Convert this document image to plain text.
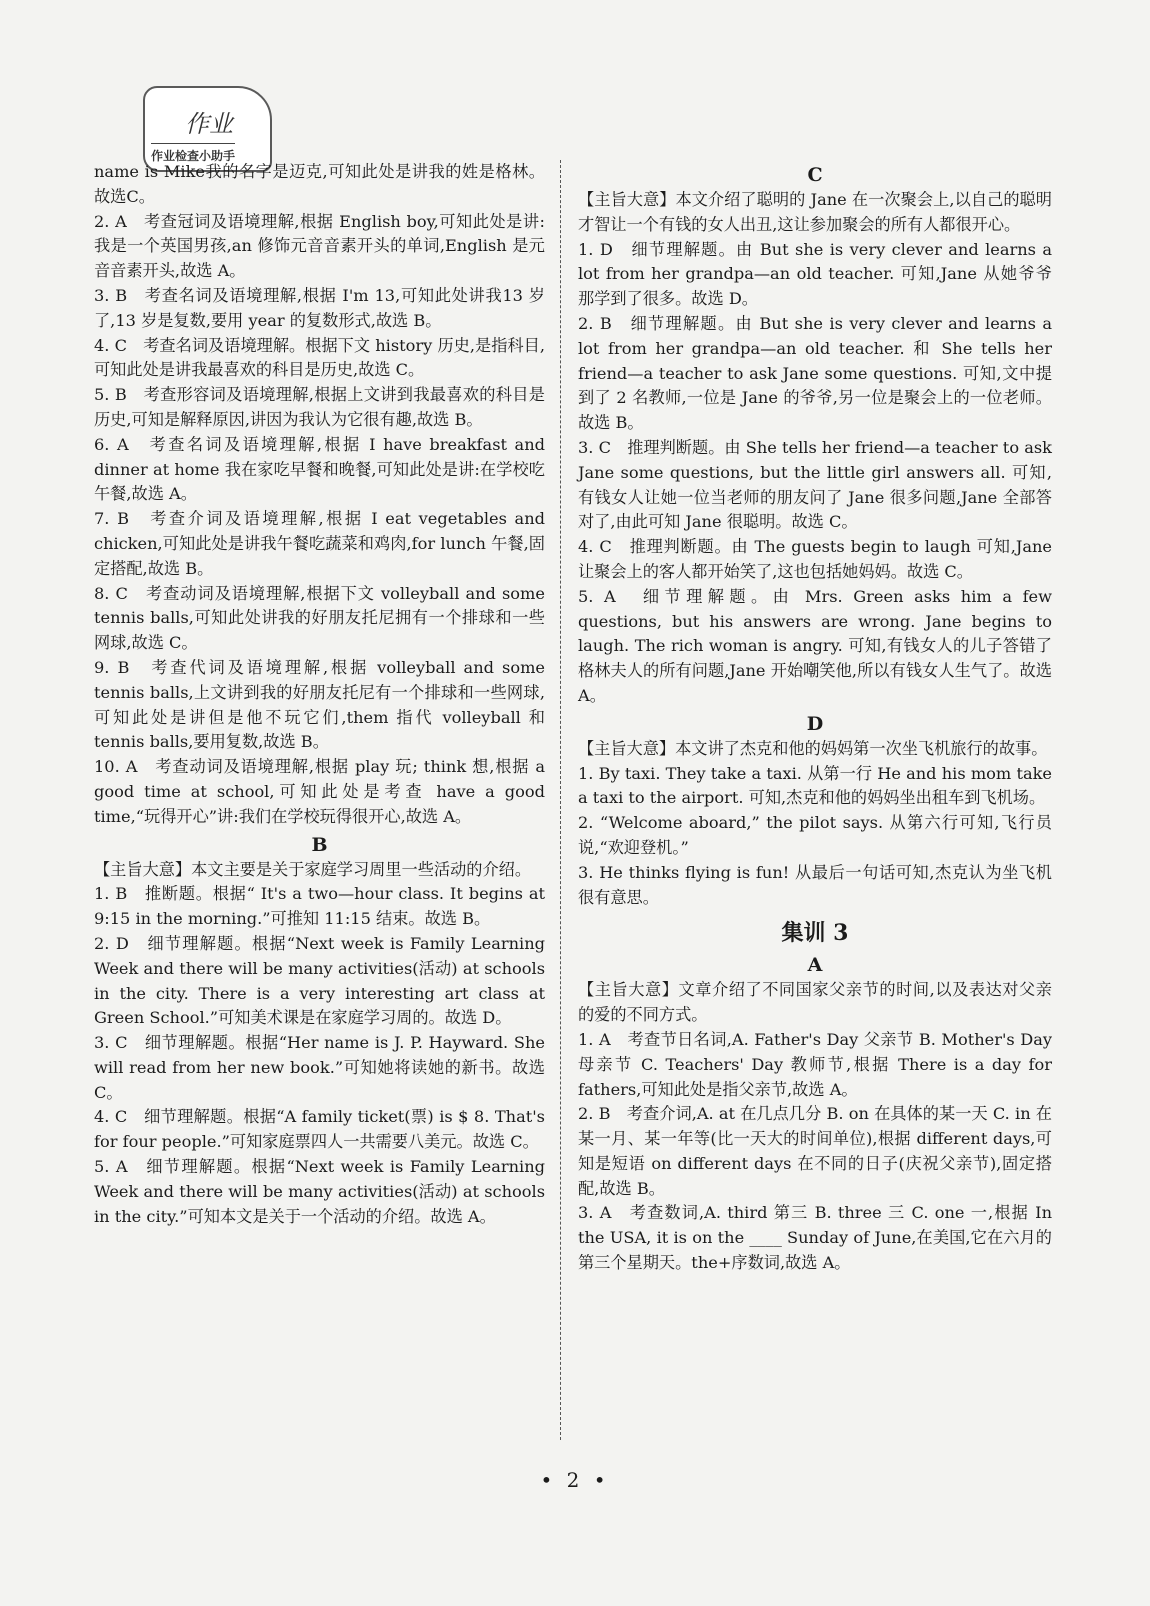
作业
作业检查小助手
name is Mike我的名字是迈克,可知此处是讲我的姓是格林。故选C。
2. A　考查冠词及语境理解,根据 English boy,可知此处是讲:我是一个英国男孩,an 修饰元音音素开头的单词,English 是元音音素开头,故选 A。
3. B　考查名词及语境理解,根据 I'm 13,可知此处讲我13 岁了,13 岁是复数,要用 year 的复数形式,故选 B。
4. C　考查名词及语境理解。根据下文 history 历史,是指科目,可知此处是讲我最喜欢的科目是历史,故选 C。
5. B　考查形容词及语境理解,根据上文讲到我最喜欢的科目是历史,可知是解释原因,讲因为我认为它很有趣,故选 B。
6. A　考查名词及语境理解,根据 I have breakfast and dinner at home 我在家吃早餐和晚餐,可知此处是讲:在学校吃午餐,故选 A。
7. B　考查介词及语境理解,根据 I eat vegetables and chicken,可知此处是讲我午餐吃蔬菜和鸡肉,for lunch 午餐,固定搭配,故选 B。
8. C　考查动词及语境理解,根据下文 volleyball and some tennis balls,可知此处讲我的好朋友托尼拥有一个排球和一些网球,故选 C。
9. B　考查代词及语境理解,根据 volleyball and some tennis balls,上文讲到我的好朋友托尼有一个排球和一些网球,可知此处是讲但是他不玩它们,them 指代 volleyball 和 tennis balls,要用复数,故选 B。
10. A　考查动词及语境理解,根据 play 玩; think 想,根据 a good time at school,可知此处是考查 have a good time,“玩得开心”讲:我们在学校玩得很开心,故选 A。
B
【主旨大意】本文主要是关于家庭学习周里一些活动的介绍。
1. B　推断题。根据“ It's a two—hour class. It begins at 9:15 in the morning.”可推知 11:15 结束。故选 B。
2. D　细节理解题。根据“Next week is Family Learning Week and there will be many activities(活动) at schools in the city. There is a very interesting art class at Green School.”可知美术课是在家庭学习周的。故选 D。
3. C　细节理解题。根据“Her name is J. P. Hayward. She will read from her new book.”可知她将读她的新书。故选 C。
4. C　细节理解题。根据“A family ticket(票) is $ 8. That's for four people.”可知家庭票四人一共需要八美元。故选 C。
5. A　细节理解题。根据“Next week is Family Learning Week and there will be many activities(活动) at schools in the city.”可知本文是关于一个活动的介绍。故选 A。
C
【主旨大意】本文介绍了聪明的 Jane 在一次聚会上,以自己的聪明才智让一个有钱的女人出丑,这让参加聚会的所有人都很开心。
1. D　细节理解题。由 But she is very clever and learns a lot from her grandpa—an old teacher. 可知,Jane 从她爷爷那学到了很多。故选 D。
2. B　细节理解题。由 But she is very clever and learns a lot from her grandpa—an old teacher. 和 She tells her friend—a teacher to ask Jane some questions. 可知,文中提到了 2 名教师,一位是 Jane 的爷爷,另一位是聚会上的一位老师。故选 B。
3. C　推理判断题。由 She tells her friend—a teacher to ask Jane some questions, but the little girl answers all. 可知,有钱女人让她一位当老师的朋友问了 Jane 很多问题,Jane 全部答对了,由此可知 Jane 很聪明。故选 C。
4. C　推理判断题。由 The guests begin to laugh 可知,Jane 让聚会上的客人都开始笑了,这也包括她妈妈。故选 C。
5. A　细节理解题。由 Mrs. Green asks him a few questions, but his answers are wrong. Jane begins to laugh. The rich woman is angry. 可知,有钱女人的儿子答错了格林夫人的所有问题,Jane 开始嘲笑他,所以有钱女人生气了。故选 A。
D
【主旨大意】本文讲了杰克和他的妈妈第一次坐飞机旅行的故事。
1. By taxi. They take a taxi. 从第一行 He and his mom take a taxi to the airport. 可知,杰克和他的妈妈坐出租车到飞机场。
2. “Welcome aboard,” the pilot says. 从第六行可知,飞行员说,“欢迎登机。”
3. He thinks flying is fun! 从最后一句话可知,杰克认为坐飞机很有意思。
集训 3
A
【主旨大意】文章介绍了不同国家父亲节的时间,以及表达对父亲的爱的不同方式。
1. A　考查节日名词,A. Father's Day 父亲节 B. Mother's Day 母亲节 C. Teachers' Day 教师节,根据 There is a day for fathers,可知此处是指父亲节,故选 A。
2. B　考查介词,A. at 在几点几分 B. on 在具体的某一天 C. in 在某一月、某一年等(比一天大的时间单位),根据 different days,可知是短语 on different days 在不同的日子(庆祝父亲节),固定搭配,故选 B。
3. A　考查数词,A. third 第三 B. three 三 C. one 一,根据 In the USA, it is on the ____ Sunday of June,在美国,它在六月的第三个星期天。the+序数词,故选 A。
• 2 •
